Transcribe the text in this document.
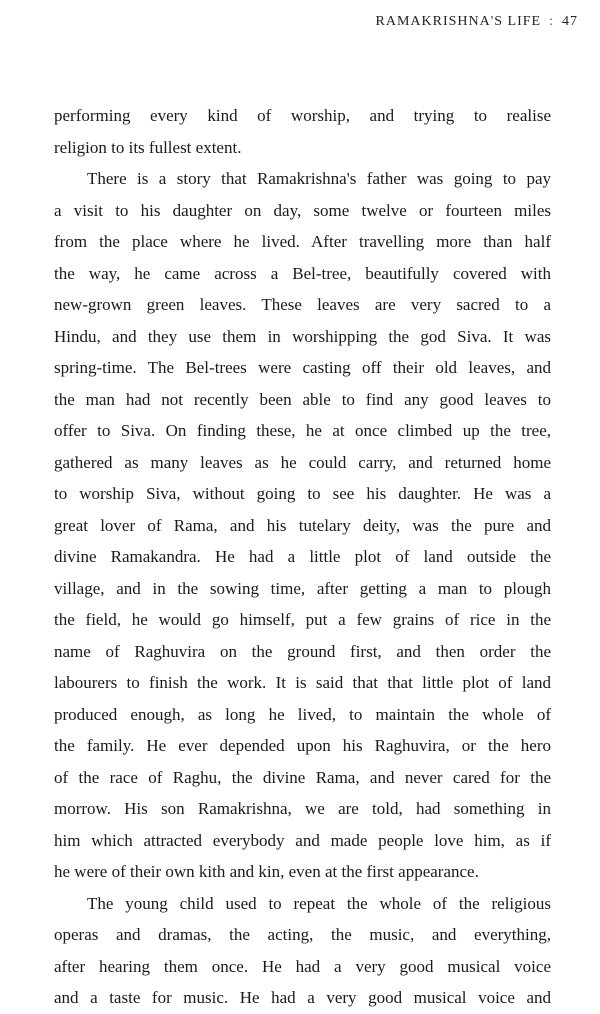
RAMAKRISHNA'S LIFE : 47
performing every kind of worship, and trying to realise
religion to its fullest extent.
There is a story that Ramakrishna's father was going to pay
a visit to his daughter on day, some twelve or fourteen miles
from the place where he lived. After travelling more than half
the way, he came across a Bel-tree, beautifully covered with
new-grown green leaves. These leaves are very sacred to a
Hindu, and they use them in worshipping the god Siva. It was
spring-time. The Bel-trees were casting off their old leaves, and
the man had not recently been able to find any good leaves to
offer to Siva. On finding these, he at once climbed up the tree,
gathered as many leaves as he could carry, and returned home
to worship Siva, without going to see his daughter. He was a
great lover of Rama, and his tutelary deity, was the pure and
divine Ramakandra. He had a little plot of land outside the
village, and in the sowing time, after getting a man to plough
the field, he would go himself, put a few grains of rice in the
name of Raghuvira on the ground first, and then order the
labourers to finish the work. It is said that that little plot of land
produced enough, as long he lived, to maintain the whole of
the family. He ever depended upon his Raghuvira, or the hero
of the race of Raghu, the divine Rama, and never cared for the
morrow. His son Ramakrishna, we are told, had something in
him which attracted everybody and made people love him, as if
he were of their own kith and kin, even at the first appearance.
The young child used to repeat the whole of the religious
operas and dramas, the acting, the music, and everything,
after hearing them once. He had a very good musical voice
and a taste for music. He had a very good musical voice and
